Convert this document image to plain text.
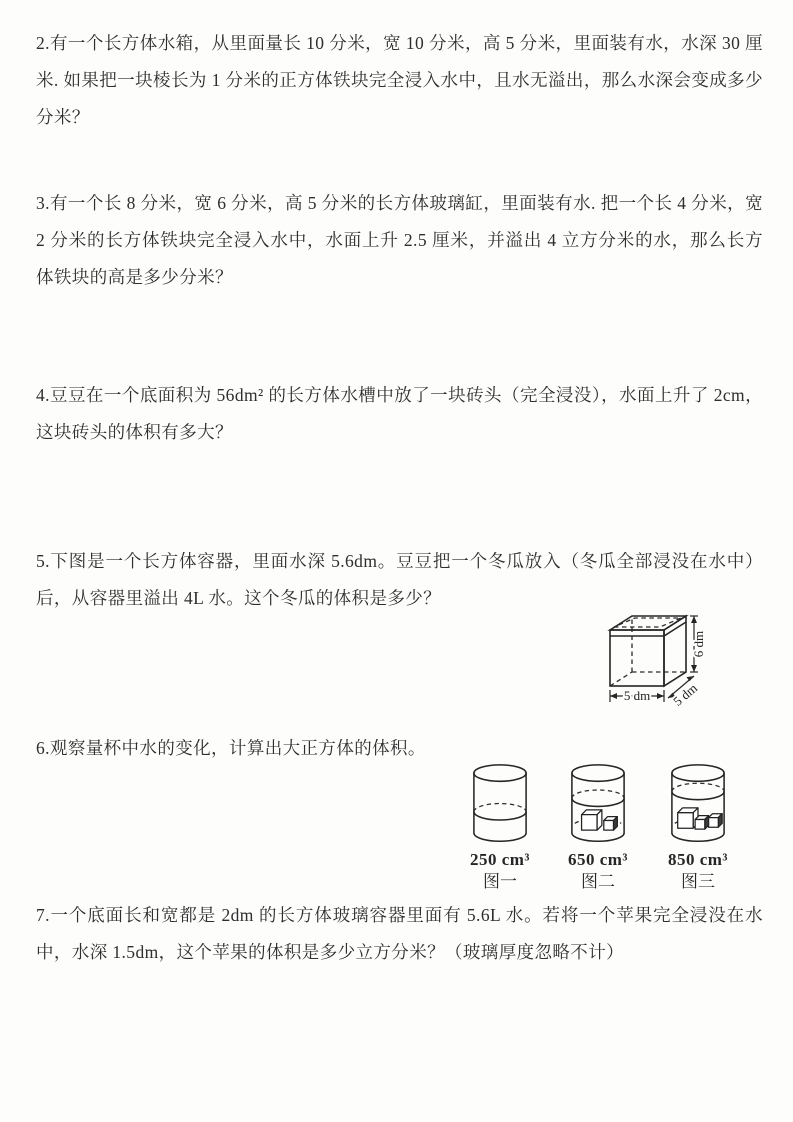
2.有一个长方体水箱，从里面量长 10 分米，宽 10 分米，高 5 分米，里面装有水，水深 30 厘米. 如果把一块棱长为 1 分米的正方体铁块完全浸入水中，且水无溢出，那么水深会变成多少分米？

3.有一个长 8 分米，宽 6 分米，高 5 分米的长方体玻璃缸，里面装有水. 把一个长 4 分米，宽 2 分米的长方体铁块完全浸入水中，水面上升 2.5 厘米，并溢出 4 立方分米的水，那么长方体铁块的高是多少分米？

4.豆豆在一个底面积为 56dm² 的长方体水槽中放了一块砖头（完全浸没），水面上升了 2cm，这块砖头的体积有多大？

5.下图是一个长方体容器，里面水深 5.6dm。豆豆把一个冬瓜放入（冬瓜全部浸没在水中）后，从容器里溢出 4L 水。这个冬瓜的体积是多少？

6 dm
5 dm 5 dm

6.观察量杯中水的变化，计算出大正方体的体积。

250 cm³
图一
650 cm³
图二
850 cm³
图三

7.一个底面长和宽都是 2dm 的长方体玻璃容器里面有 5.6L 水。若将一个苹果完全浸没在水中，水深 1.5dm，这个苹果的体积是多少立方分米？（玻璃厚度忽略不计）
